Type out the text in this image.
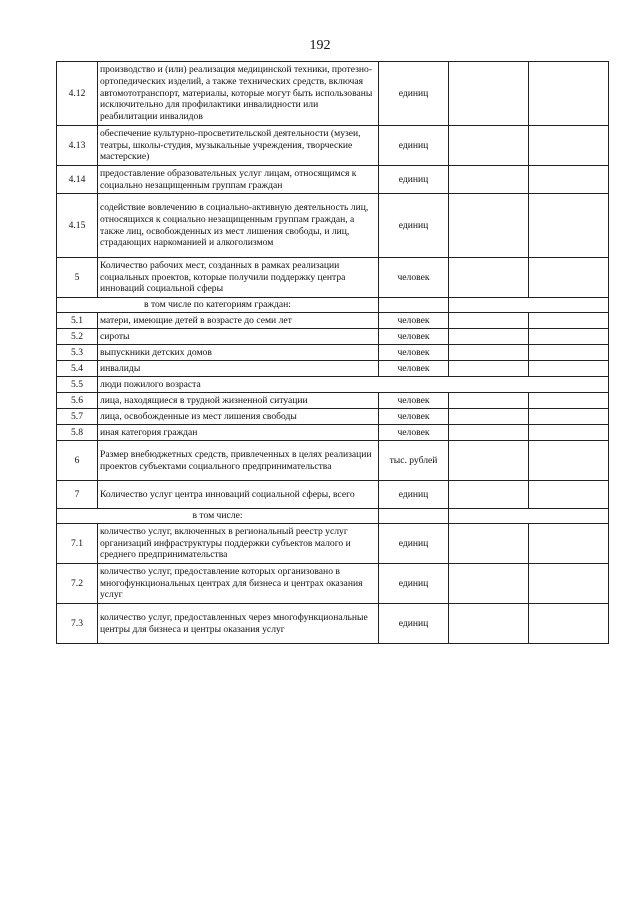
192
4.12	производство и (или) реализация медицинской техники, протезно-ортопедических изделий, а также технических средств, включая автомототранспорт, материалы, которые могут быть использованы исключительно для профилактики инвалидности или реабилитации инвалидов	единиц		
4.13	обеспечение культурно-просветительской деятельности (музеи, театры, школы-студия, музыкальные учреждения, творческие мастерские)	единиц		
4.14	предоставление образовательных услуг лицам, относящимся к социально незащищенным группам граждан	единиц		
4.15	содействие вовлечению в социально-активную деятельность лиц, относящихся к социально незащищенным группам граждан, а также лиц, освобожденных из мест лишения свободы, и лиц, страдающих наркоманией и алкоголизмом	единиц		
5	Количество рабочих мест, созданных в рамках реализации социальных проектов, которые получили поддержку центра инноваций социальной сферы	человек		
в том числе по категориям граждан:				
5.1	матери, имеющие детей в возрасте до семи лет	человек		
5.2	сироты	человек		
5.3	выпускники детских домов	человек		
5.4	инвалиды	человек		
5.5	люди пожилого возраста			
5.6	лица, находящиеся в трудной жизненной ситуации	человек		
5.7	лица, освобожденные из мест лишения свободы	человек		
5.8	иная категория граждан	человек		
6	Размер внебюджетных средств, привлеченных в целях реализации проектов субъектами социального предпринимательства	тыс. рублей		
7	Количество услуг центра инноваций социальной сферы, всего	единиц		
в том числе:				
7.1	количество услуг, включенных в региональный реестр услуг организаций инфраструктуры поддержки субъектов малого и среднего предпринимательства	единиц		
7.2	количество услуг, предоставление которых организовано в многофункциональных центрах для бизнеса и центрах оказания услуг	единиц		
7.3	количество услуг, предоставленных через многофункциональные центры для бизнеса и центры оказания услуг	единиц		
